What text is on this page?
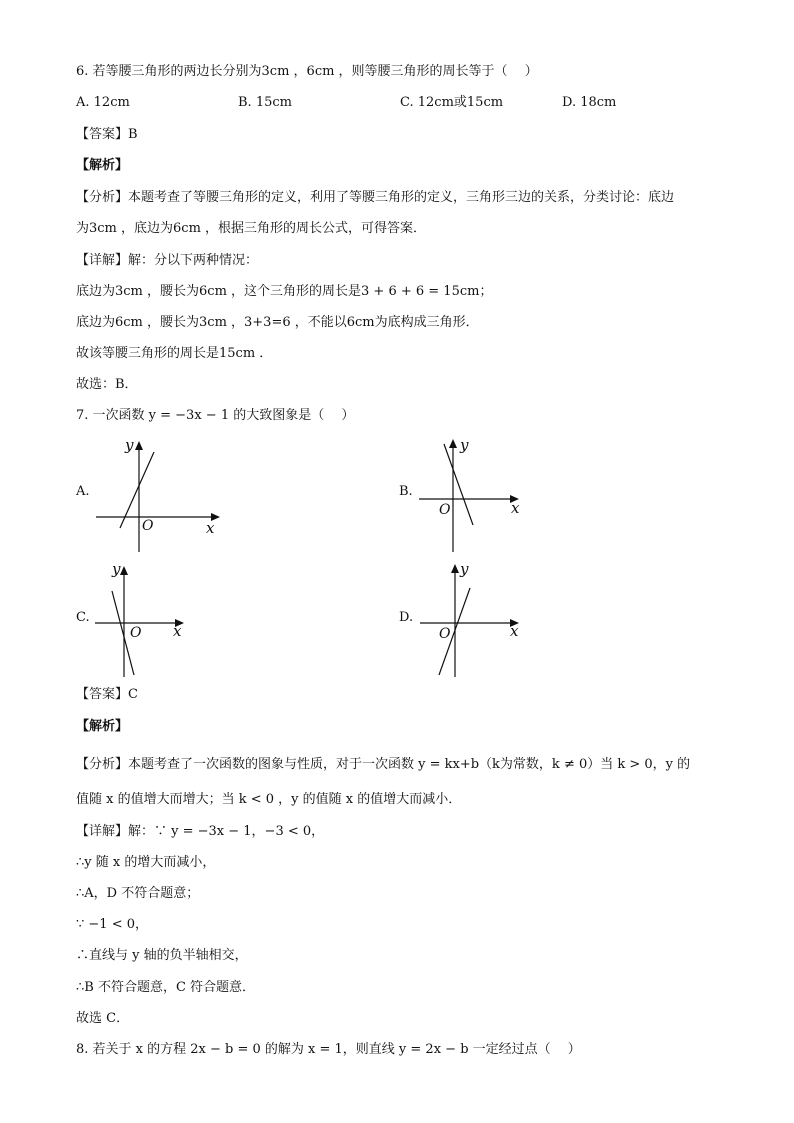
6. 若等腰三角形的两边长分别为3cm ，6cm ，则等腰三角形的周长等于（　 ）
A. 12cm	B. 15cm	C. 12cm或15cm	D. 18cm
【答案】B
【解析】
【分析】本题考查了等腰三角形的定义，利用了等腰三角形的定义，三角形三边的关系，分类讨论：底边
为3cm ，底边为6cm ，根据三角形的周长公式，可得答案．
【详解】解：分以下两种情况：
底边为3cm ，腰长为6cm ，这个三角形的周长是3 + 6 + 6 = 15cm；
底边为6cm ，腰长为3cm ，3+3=6 ，不能以6cm为底构成三角形．
故该等腰三角形的周长是15cm ．
故选：B．
7. 一次函数 y = −3x − 1 的大致图象是（　 ）
A.
y
x
O
B.
y
x
O
C.
y
x
O
D.
y
x
O
【答案】C
【解析】
【分析】本题考查了一次函数的图象与性质，对于一次函数 y = kx+b（k为常数，k ≠ 0）当 k > 0，y 的
值随 x 的值增大而增大；当 k < 0 ，y 的值随 x 的值增大而减小．
【详解】解：∵ y = −3x − 1，−3 < 0，
∴y 随 x 的增大而减小，
∴A，D 不符合题意；
∵ −1 < 0，
∴直线与 y 轴的负半轴相交，
∴B 不符合题意，C 符合题意．
故选 C．
8. 若关于 x 的方程 2x − b = 0 的解为 x = 1，则直线 y = 2x − b 一定经过点（　 ）
